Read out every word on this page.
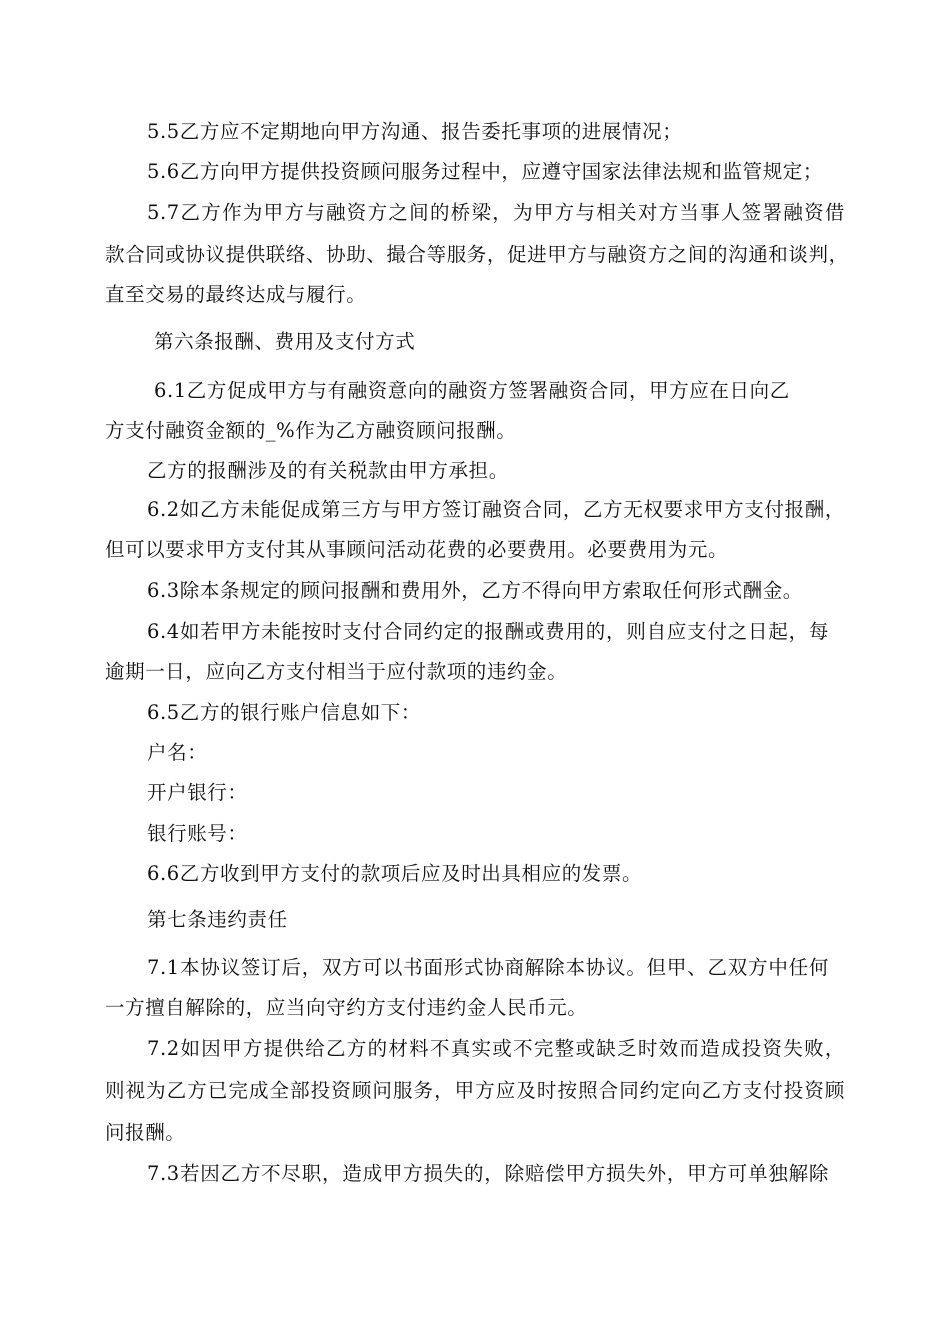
5.5乙方应不定期地向甲方沟通、报告委托事项的进展情况；
5.6乙方向甲方提供投资顾问服务过程中，应遵守国家法律法规和监管规定；
5.7乙方作为甲方与融资方之间的桥梁，为甲方与相关对方当事人签署融资借
款合同或协议提供联络、协助、撮合等服务，促进甲方与融资方之间的沟通和谈判，
直至交易的最终达成与履行。
第六条报酬、费用及支付方式
6.1乙方促成甲方与有融资意向的融资方签署融资合同，甲方应在日向乙
方支付融资金额的_%作为乙方融资顾问报酬。
乙方的报酬涉及的有关税款由甲方承担。
6.2如乙方未能促成第三方与甲方签订融资合同，乙方无权要求甲方支付报酬，
但可以要求甲方支付其从事顾问活动花费的必要费用。必要费用为元。
6.3除本条规定的顾问报酬和费用外，乙方不得向甲方索取任何形式酬金。
6.4如若甲方未能按时支付合同约定的报酬或费用的，则自应支付之日起，每
逾期一日，应向乙方支付相当于应付款项的违约金。
6.5乙方的银行账户信息如下：
户名：
开户银行：
银行账号：
6.6乙方收到甲方支付的款项后应及时出具相应的发票。
第七条违约责任
7.1本协议签订后，双方可以书面形式协商解除本协议。但甲、乙双方中任何
一方擅自解除的，应当向守约方支付违约金人民币元。
7.2如因甲方提供给乙方的材料不真实或不完整或缺乏时效而造成投资失败，
则视为乙方已完成全部投资顾问服务，甲方应及时按照合同约定向乙方支付投资顾
问报酬。
7.3若因乙方不尽职，造成甲方损失的，除赔偿甲方损失外，甲方可单独解除
